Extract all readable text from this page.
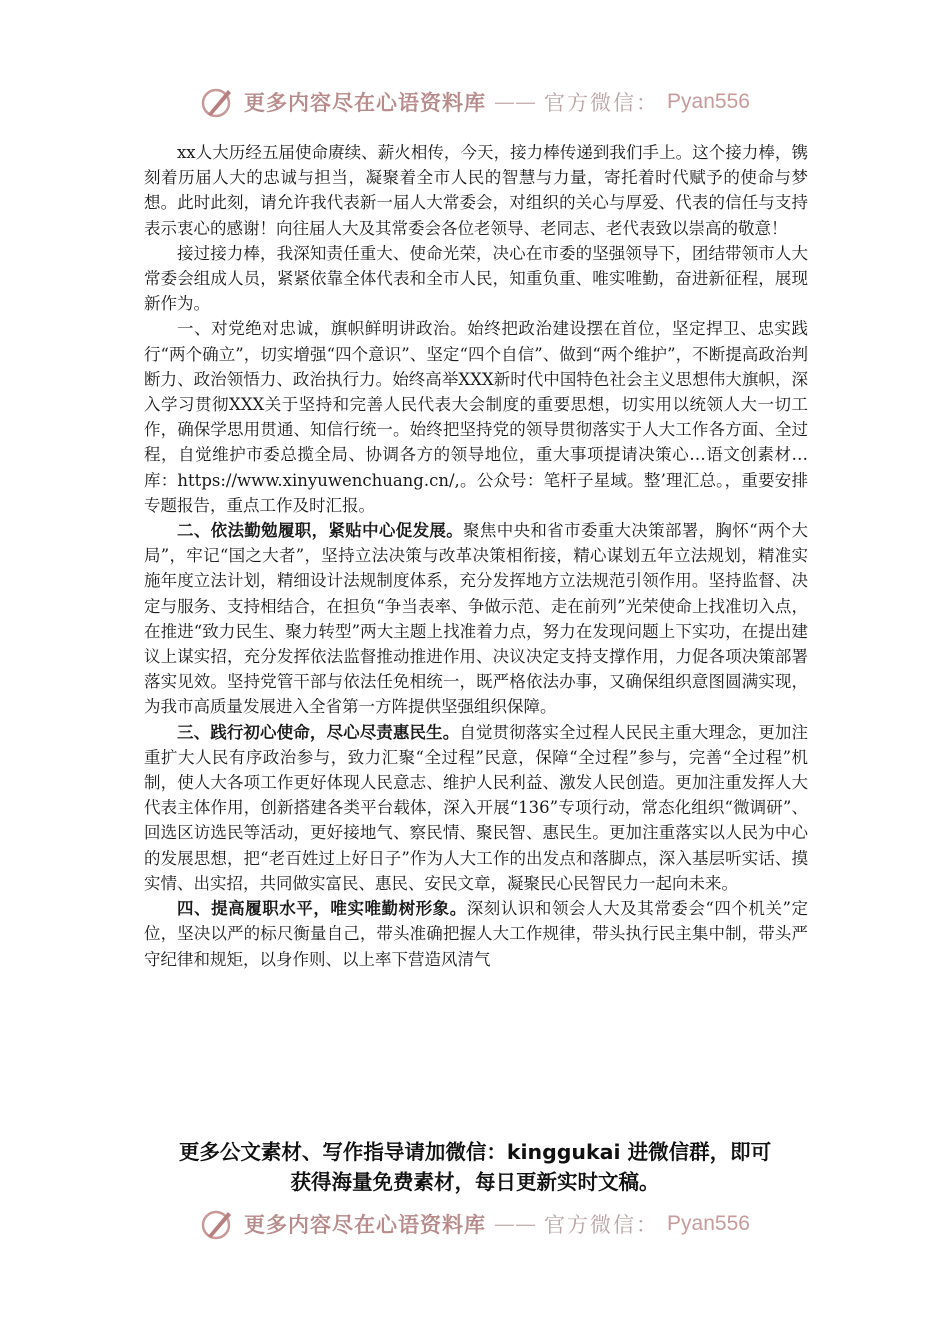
更多内容尽在心语资料库 —— 官方微信： Pyan556

xx人大历经五届使命赓续、薪火相传，今天，接力棒传递到我们手上。这个接力棒，镌刻着历届人大的忠诚与担当，凝聚着全市人民的智慧与力量，寄托着时代赋予的使命与梦想。此时此刻，请允许我代表新一届人大常委会，对组织的关心与厚爱、代表的信任与支持表示衷心的感谢！向往届人大及其常委会各位老领导、老同志、老代表致以崇高的敬意！

接过接力棒，我深知责任重大、使命光荣，决心在市委的坚强领导下，团结带领市人大常委会组成人员，紧紧依靠全体代表和全市人民，知重负重、唯实唯勤，奋进新征程，展现新作为。

一、对党绝对忠诚，旗帜鲜明讲政治。始终把政治建设摆在首位，坚定捍卫、忠实践行“两个确立”，切实增强“四个意识”、坚定“四个自信”、做到“两个维护”，不断提高政治判断力、政治领悟力、政治执行力。始终高举XXX新时代中国特色社会主义思想伟大旗帜，深入学习贯彻XXX关于坚持和完善人民代表大会制度的重要思想，切实用以统领人大一切工作，确保学思用贯通、知信行统一。始终把坚持党的领导贯彻落实于人大工作各方面、全过程，自觉维护市委总揽全局、协调各方的领导地位，重大事项提请决策心…语文创素材…库：https://www.xinyuwenchuang.cn/,。公众号：笔杆子星域。整’理汇总。，重要安排专题报告，重点工作及时汇报。

二、依法勤勉履职，紧贴中心促发展。聚焦中央和省市委重大决策部署，胸怀“两个大局”，牢记“国之大者”，坚持立法决策与改革决策相衔接，精心谋划五年立法规划，精准实施年度立法计划，精细设计法规制度体系，充分发挥地方立法规范引领作用。坚持监督、决定与服务、支持相结合，在担负“争当表率、争做示范、走在前列”光荣使命上找准切入点，在推进“致力民生、聚力转型”两大主题上找准着力点，努力在发现问题上下实功，在提出建议上谋实招，充分发挥依法监督推动推进作用、决议决定支持支撑作用，力促各项决策部署落实见效。坚持党管干部与依法任免相统一，既严格依法办事，又确保组织意图圆满实现，为我市高质量发展进入全省第一方阵提供坚强组织保障。

三、践行初心使命，尽心尽责惠民生。自觉贯彻落实全过程人民民主重大理念，更加注重扩大人民有序政治参与，致力汇聚“全过程”民意，保障“全过程”参与，完善“全过程”机制，使人大各项工作更好体现人民意志、维护人民利益、激发人民创造。更加注重发挥人大代表主体作用，创新搭建各类平台载体，深入开展“136”专项行动，常态化组织“微调研”、回选区访选民等活动，更好接地气、察民情、聚民智、惠民生。更加注重落实以人民为中心的发展思想，把“老百姓过上好日子”作为人大工作的出发点和落脚点，深入基层听实话、摸实情、出实招，共同做实富民、惠民、安民文章，凝聚民心民智民力一起向未来。

四、提高履职水平，唯实唯勤树形象。深刻认识和领会人大及其常委会“四个机关”定位，坚决以严的标尺衡量自己，带头准确把握人大工作规律，带头执行民主集中制，带头严守纪律和规矩，以身作则、以上率下营造风清气

更多公文素材、写作指导请加微信：kinggukai 进微信群，即可
获得海量免费素材，每日更新实时文稿。
更多内容尽在心语资料库 —— 官方微信： Pyan556
